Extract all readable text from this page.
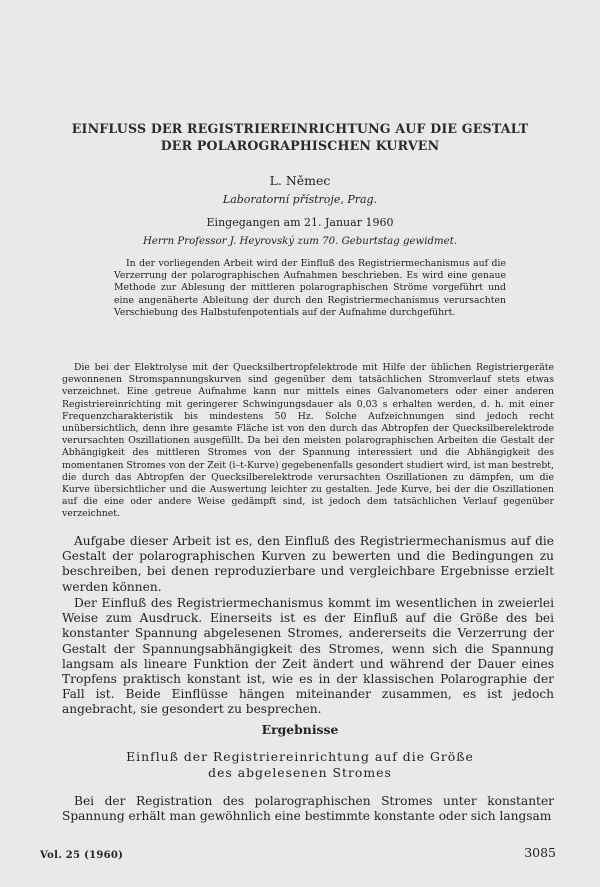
EINFLUSS DER REGISTRIEREINRICHTUNG AUF DIE GESTALT
DER POLAROGRAPHISCHEN KURVEN
L. Němec
Laboratorní přístroje, Prag.
Eingegangen am 21. Januar 1960
Herrn Professor J. Heyrovský zum 70. Geburtstag gewidmet.

In der vorliegenden Arbeit wird der Einfluß des Registriermechanismus auf die Verzerrung der polarographischen Aufnahmen beschrieben. Es wird eine genaue Methode zur Ablesung der mittleren polarographischen Ströme vorgeführt und eine angenäherte Ableitung der durch den Registriermechanismus verursachten Verschiebung des Halbstufenpotentials auf der Aufnahme durchgeführt.

Die bei der Elektrolyse mit der Quecksilbertropfelektrode mit Hilfe der üblichen Registriergeräte gewonnenen Stromspannungskurven sind gegenüber dem tatsächlichen Stromverlauf stets etwas verzeichnet. Eine getreue Aufnahme kann nur mittels eines Galvanometers oder einer anderen Registriereinrichting mit geringerer Schwingungsdauer als 0,03 s erhalten werden, d. h. mit einer Frequenzcharakteristik bis mindestens 50 Hz. Solche Aufzeichnungen sind jedoch recht unübersichtlich, denn ihre gesamte Fläche ist von den durch das Abtropfen der Quecksilberelektrode verursachten Oszillationen ausgefüllt. Da bei den meisten polarographischen Arbeiten die Gestalt der Abhängigkeit des mittleren Stromes von der Spannung interessiert und die Abhängigkeit des momentanen Stromes von der Zeit (i–t-Kurve) gegebenenfalls gesondert studiert wird, ist man bestrebt, die durch das Abtropfen der Quecksilberelektrode verursachten Oszillationen zu dämpfen, um die Kurve übersichtlicher und die Auswertung leichter zu gestalten. Jede Kurve, bei der die Oszillationen auf die eine oder andere Weise gedämpft sind, ist jedoch dem tatsächlichen Verlauf gegenüber verzeichnet.

Aufgabe dieser Arbeit ist es, den Einfluß des Registriermechanismus auf die Gestalt der polarographischen Kurven zu bewerten und die Bedingungen zu beschreiben, bei denen reproduzierbare und vergleichbare Ergebnisse erzielt werden können.

Der Einfluß des Registriermechanismus kommt im wesentlichen in zweierlei Weise zum Ausdruck. Einerseits ist es der Einfluß auf die Größe des bei konstanter Spannung abgelesenen Stromes, andererseits die Verzerrung der Gestalt der Spannungsabhängigkeit des Stromes, wenn sich die Spannung langsam als lineare Funktion der Zeit ändert und während der Dauer eines Tropfens praktisch konstant ist, wie es in der klassischen Polarographie der Fall ist. Beide Einflüsse hängen miteinander zusammen, es ist jedoch angebracht, sie gesondert zu besprechen.

Ergebnisse
Einfluß der Registriereinrichtung auf die Größe
des abgelesenen Stromes

Bei der Registration des polarographischen Stromes unter konstanter Spannung erhält man gewöhnlich eine bestimmte konstante oder sich langsam

Vol. 25 (1960)	3085
